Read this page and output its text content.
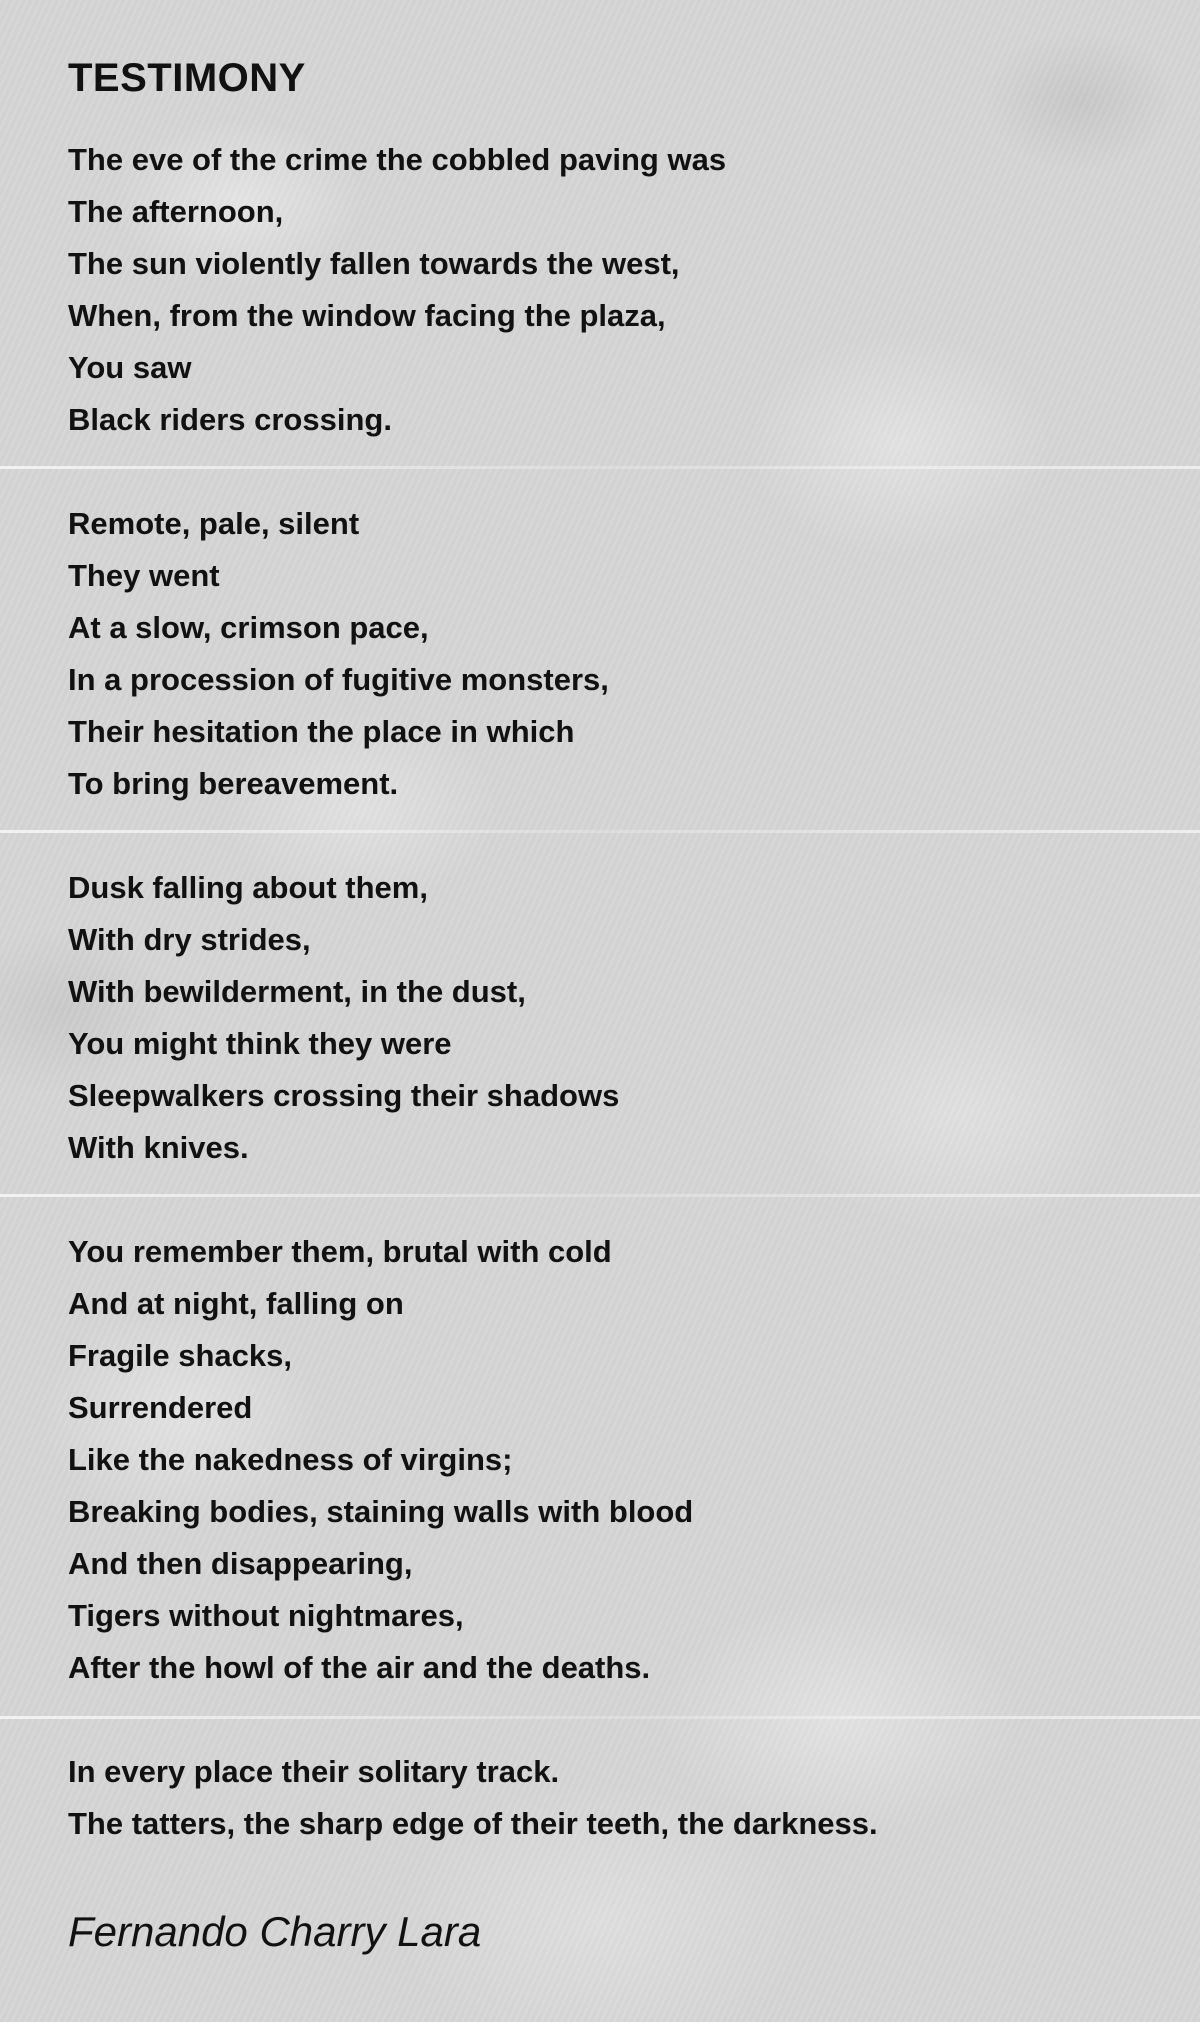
TESTIMONY
The eve of the crime the cobbled paving was
The afternoon,
The sun violently fallen towards the west,
When, from the window facing the plaza,
You saw
Black riders crossing.
Remote, pale, silent
They went
At a slow, crimson pace,
In a procession of fugitive monsters,
Their hesitation the place in which
To bring bereavement.
Dusk falling about them,
With dry strides,
With bewilderment, in the dust,
You might think they were
Sleepwalkers crossing their shadows
With knives.
You remember them, brutal with cold
And at night, falling on
Fragile shacks,
Surrendered
Like the nakedness of virgins;
Breaking bodies, staining walls with blood
And then disappearing,
Tigers without nightmares,
After the howl of the air and the deaths.
In every place their solitary track.
The tatters, the sharp edge of their teeth, the darkness.
Fernando Charry Lara
